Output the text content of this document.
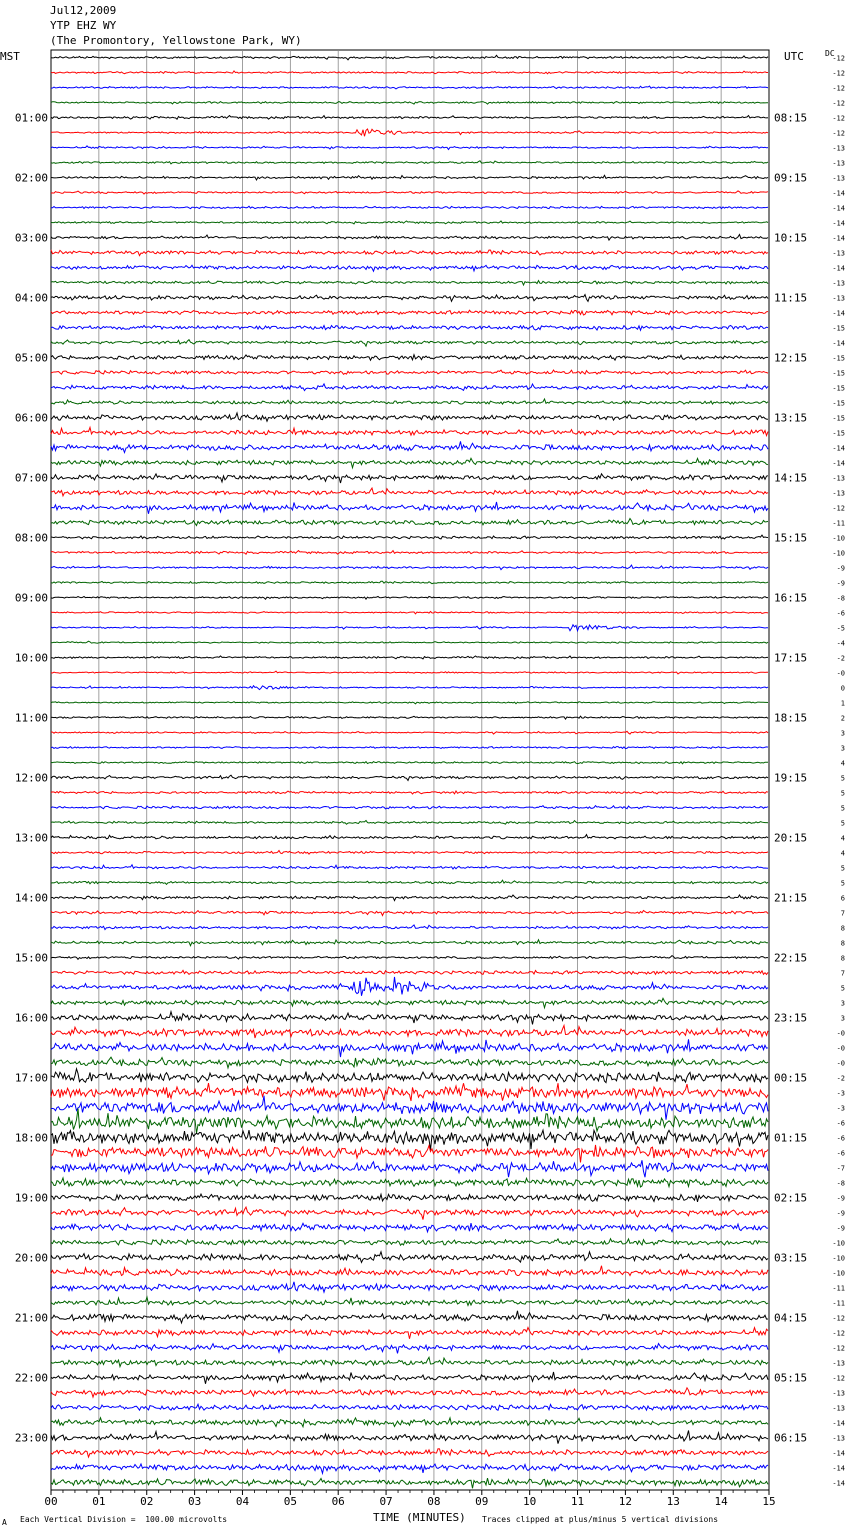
Jul12,2009
YTP EHZ WY
(The Promontory, Yellowstone Park, WY)
MST	UTC	DC
01:00
02:00
03:00
04:00
05:00
06:00
07:00
08:00
09:00
10:00
11:00
12:00
13:00
14:00
15:00
16:00
17:00
18:00
19:00
20:00
21:00
22:00
23:00
08:15
09:15
10:15
11:15
12:15
13:15
14:15
15:15
16:15
17:15
18:15
19:15
20:15
21:15
22:15
23:15
00:15
01:15
02:15
03:15
04:15
05:15
06:15
-12
-12
-12
-12
-12
-12
-13
-13
-13
-14
-14
-14
-14
-13
-14
-13
-13
-14
-15
-14
-15
-15
-15
-15
-15
-15
-14
-14
-13
-13
-12
-11
-10
-10
-9
-9
-8
-6
-5
-4
-2
-0
0
1
2
3
3
4
5
5
5
5
4
4
5
5
6
7
8
8
8
7
5
3
3
-0
-0
-0
-2
-3
-3
-6
-6
-6
-7
-8
-9
-9
-9
-10
-10
-10
-11
-11
-12
-12
-12
-13
-12
-13
-13
-14
-13
-14
-14
-14
00	01	02	03	04	05	06	07	08	09	10	11	12	13	14	15
A Each Vertical Division =  100.00 microvolts	TIME (MINUTES) Traces clipped at plus/minus 5 vertical divisions
